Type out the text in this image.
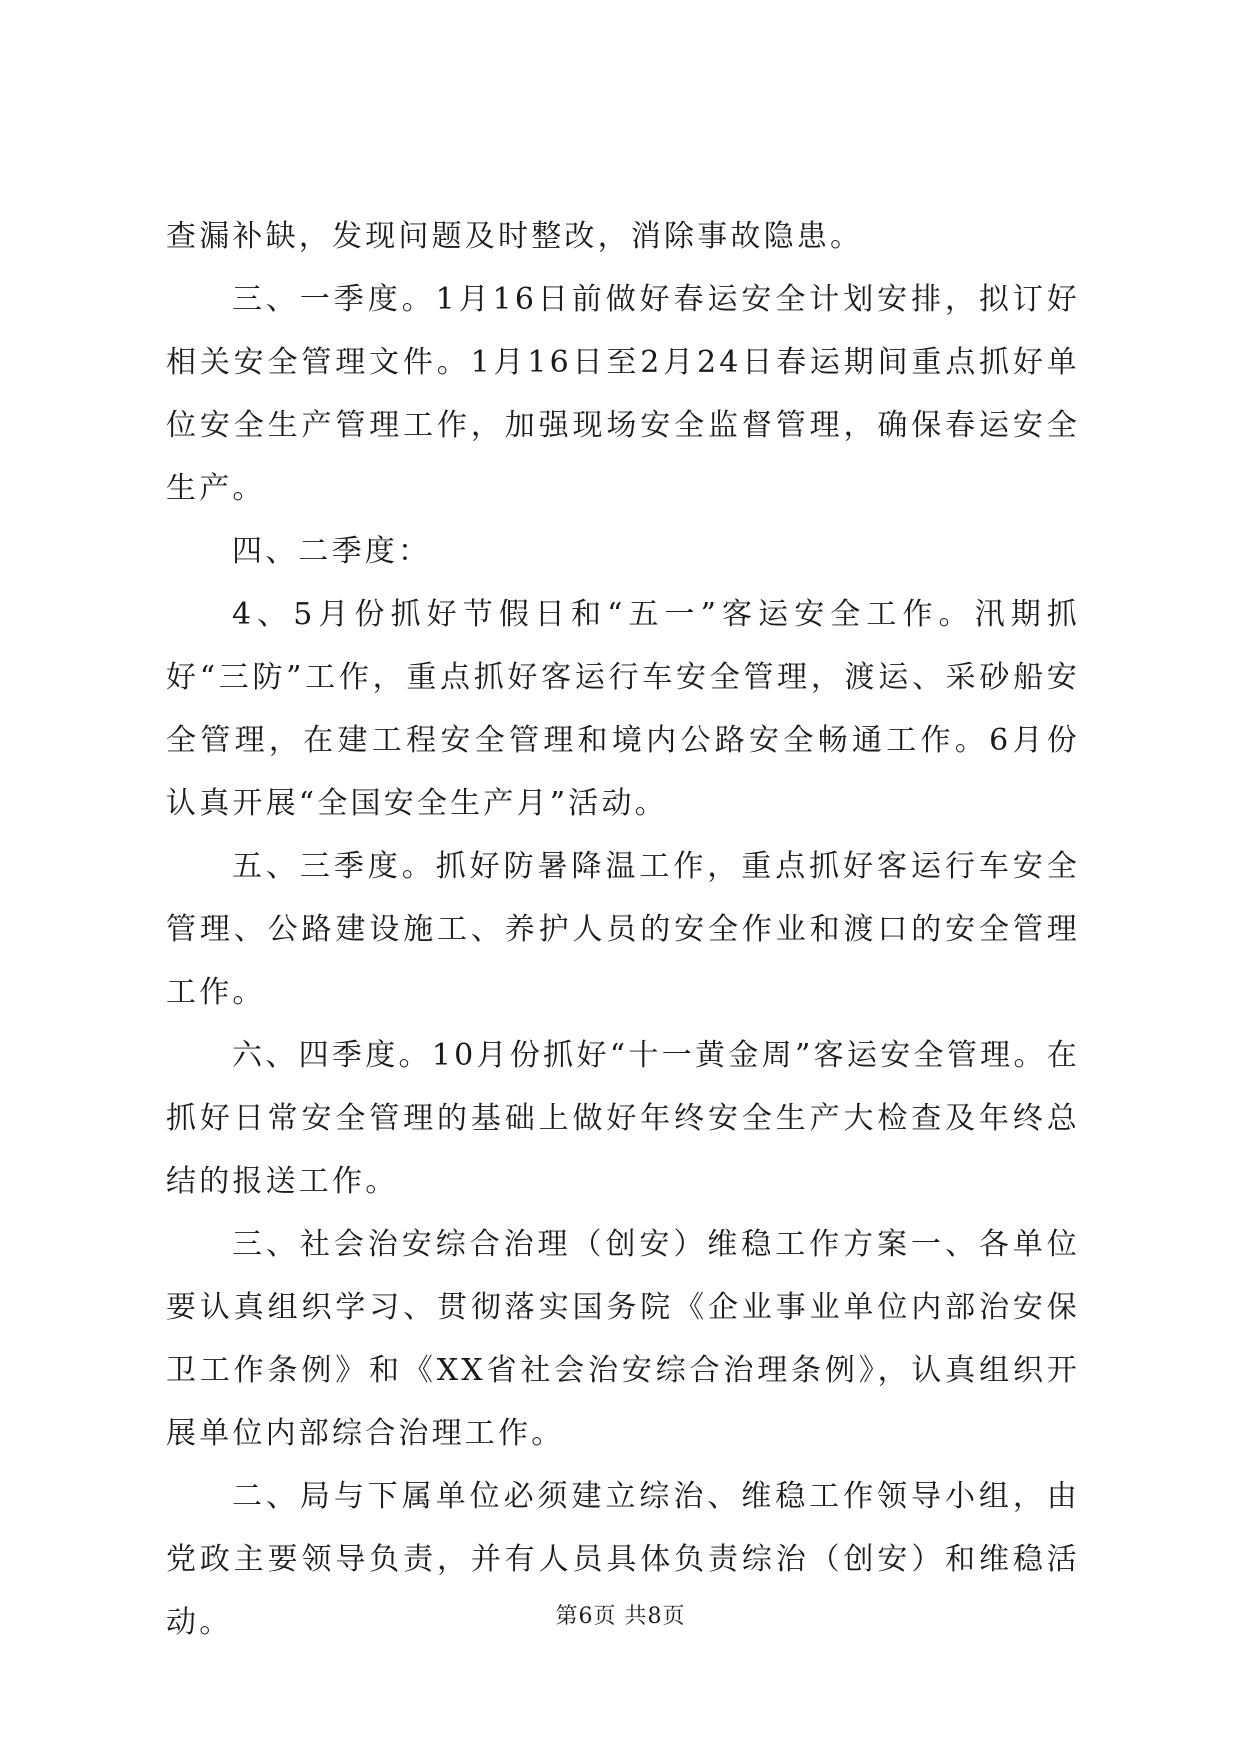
查漏补缺，发现问题及时整改，消除事故隐患。

三、一季度。1月16日前做好春运安全计划安排，拟订好相关安全管理文件。1月16日至2月24日春运期间重点抓好单位安全生产管理工作，加强现场安全监督管理，确保春运安全生产。

四、二季度：

4、5月份抓好节假日和“五一”客运安全工作。汛期抓好“三防”工作，重点抓好客运行车安全管理，渡运、采砂船安全管理，在建工程安全管理和境内公路安全畅通工作。6月份认真开展“全国安全生产月”活动。

五、三季度。抓好防暑降温工作，重点抓好客运行车安全管理、公路建设施工、养护人员的安全作业和渡口的安全管理工作。

六、四季度。10月份抓好“十一黄金周”客运安全管理。在抓好日常安全管理的基础上做好年终安全生产大检查及年终总结的报送工作。

三、社会治安综合治理（创安）维稳工作方案一、各单位要认真组织学习、贯彻落实国务院《企业事业单位内部治安保卫工作条例》和《XX省社会治安综合治理条例》，认真组织开展单位内部综合治理工作。

二、局与下属单位必须建立综治、维稳工作领导小组，由党政主要领导负责，并有人员具体负责综治（创安）和维稳活动。	第6页 共8页
